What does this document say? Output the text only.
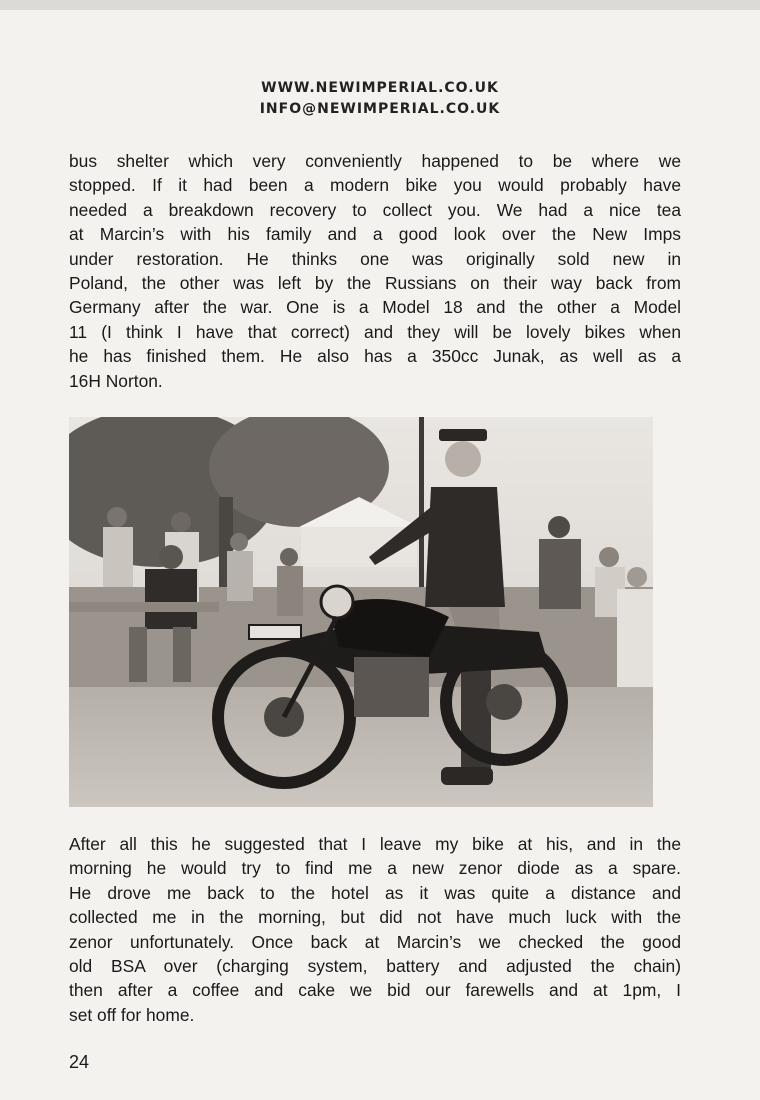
WWW.NEWIMPERIAL.CO.UK
INFO@NEWIMPERIAL.CO.UK
bus shelter which very conveniently happened to be where we
stopped. If it had been a modern bike you would probably have
needed a breakdown recovery to collect you. We had a nice tea
at Marcin’s with his family and a good look over the New Imps
under restoration. He thinks one was originally sold new in
Poland, the other was left by the Russians on their way back from
Germany after the war. One is a Model 18 and the other a Model
11 (I think I have that correct) and they will be lovely bikes when
he has finished them. He also has a 350cc Junak, as well as a
16H Norton.
After all this he suggested that I leave my bike at his, and in the
morning he would try to find me a new zenor diode as a spare.
He drove me back to the hotel as it was quite a distance and
collected me in the morning, but did not have much luck with the
zenor unfortunately. Once back at Marcin’s we checked the good
old BSA over (charging system, battery and adjusted the chain)
then after a coffee and cake we bid our farewells and at 1pm, I
set off for home.
24
